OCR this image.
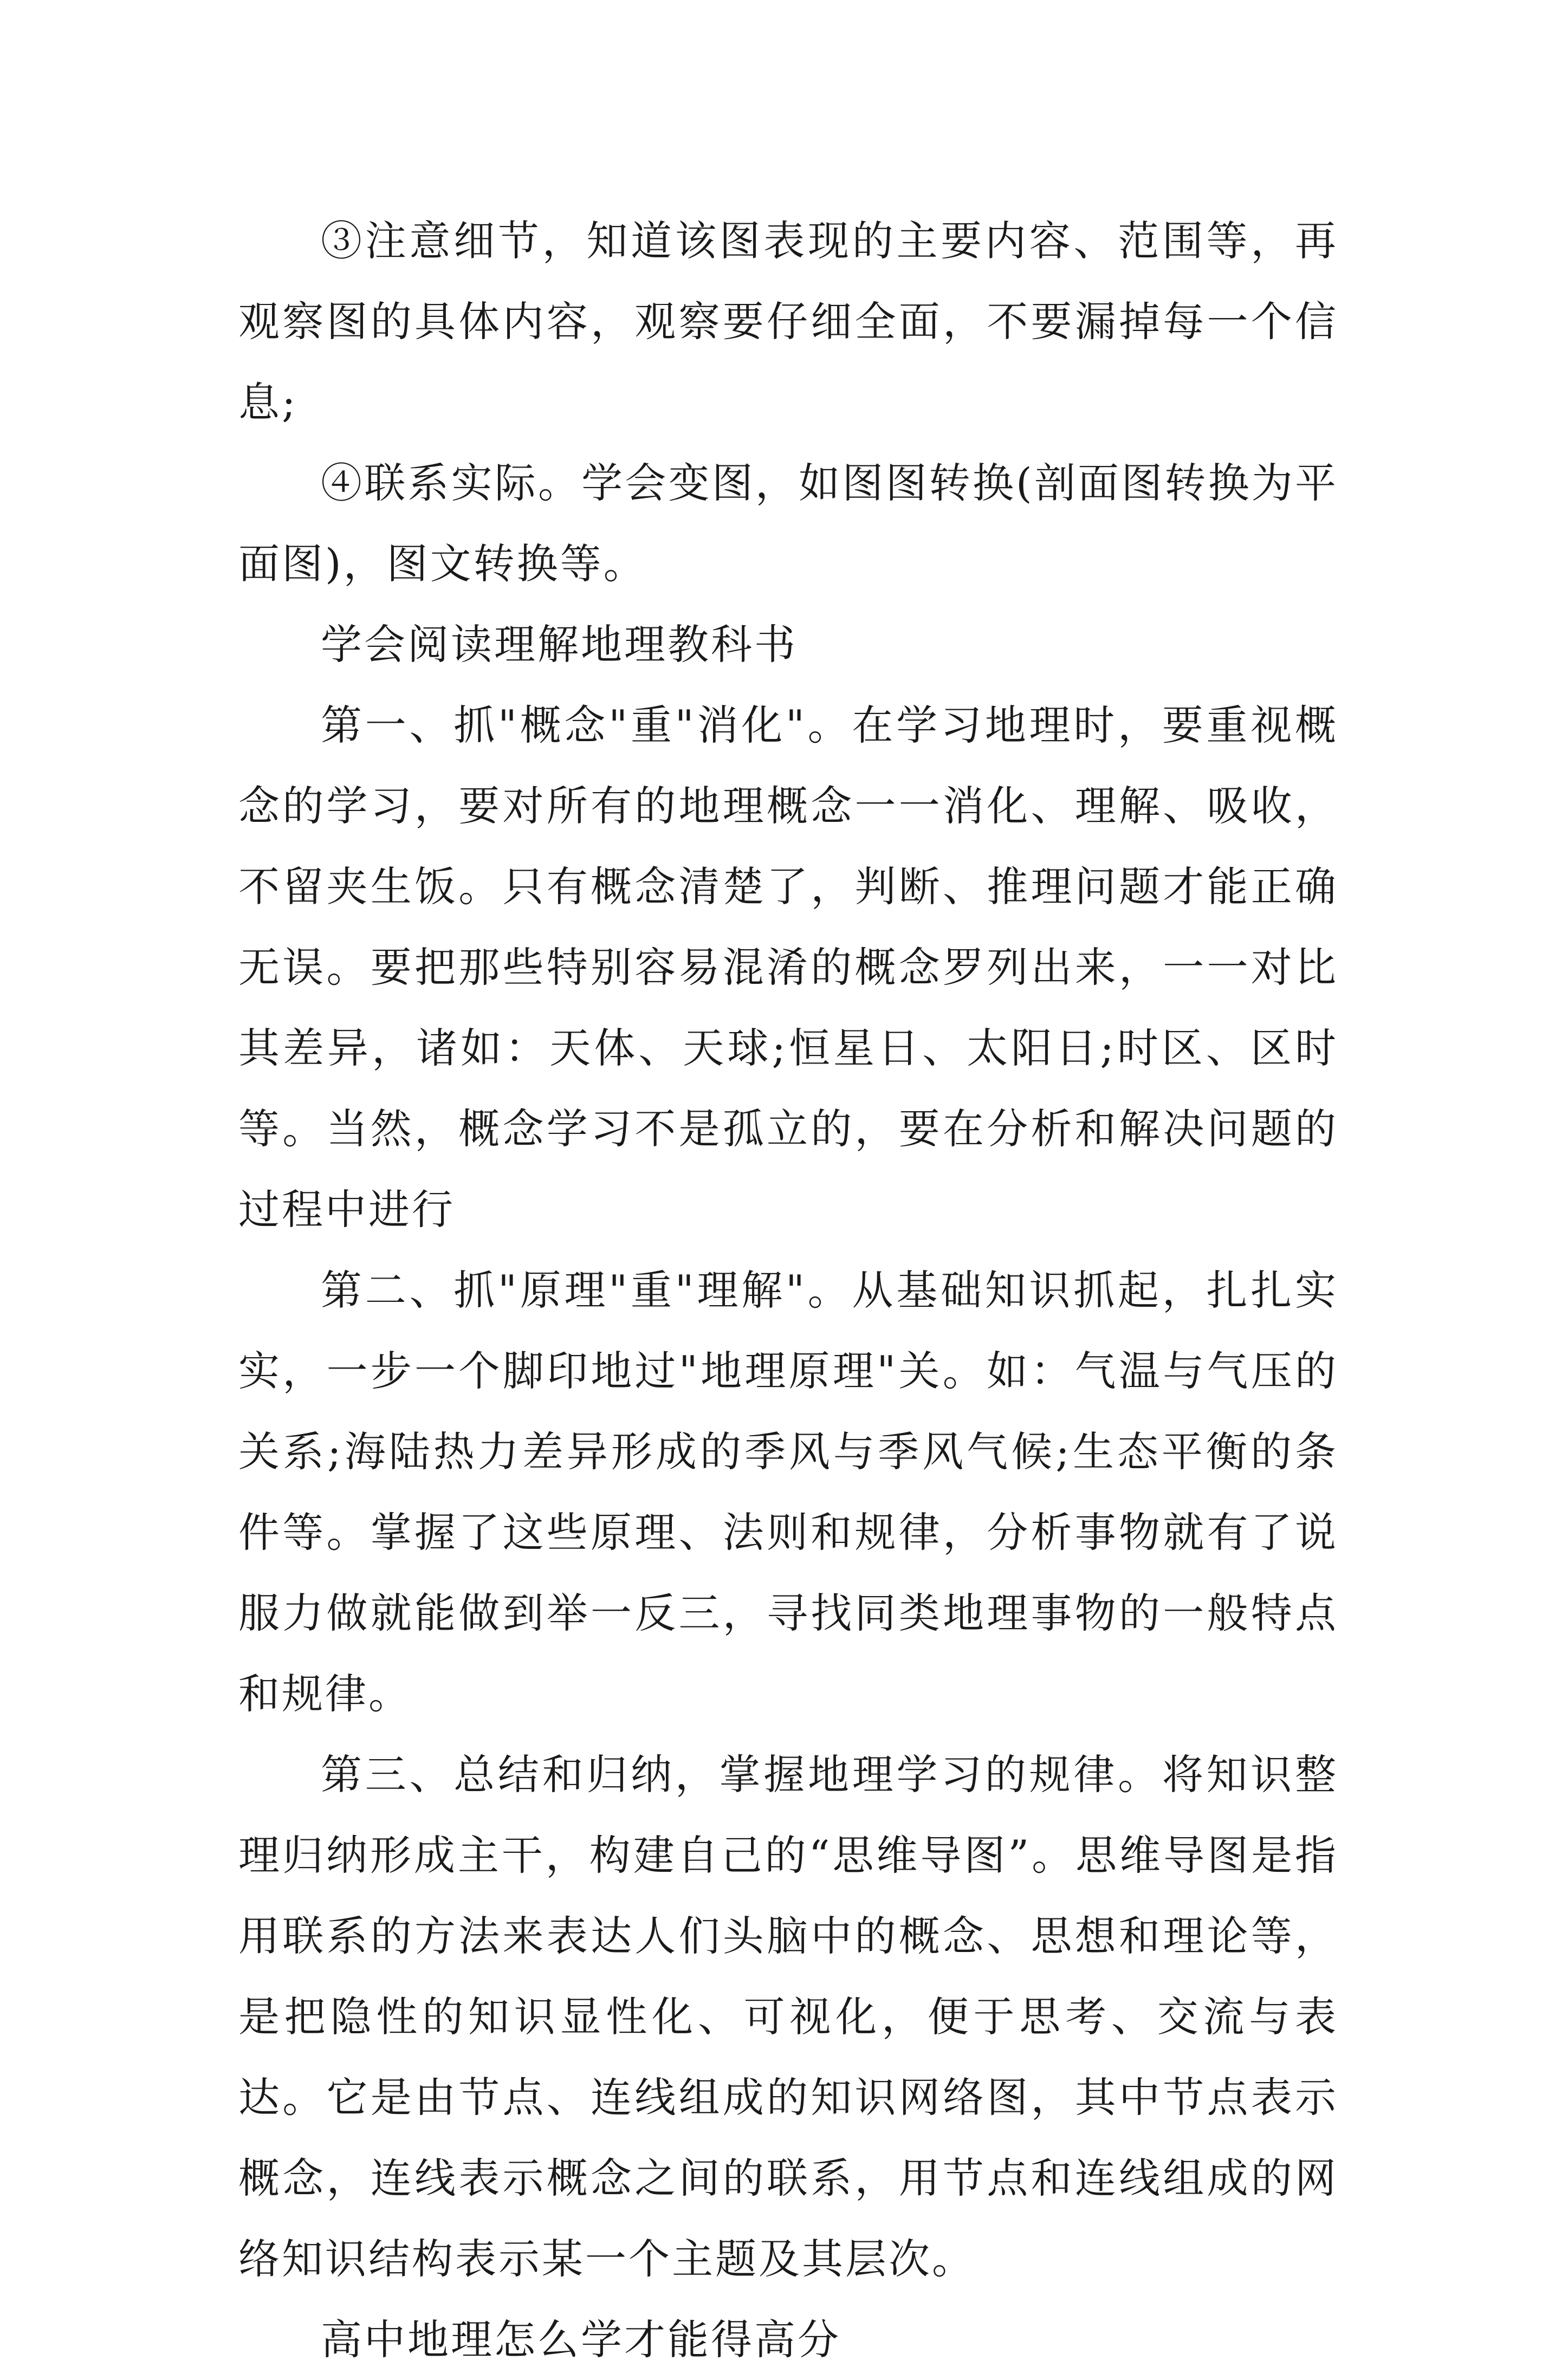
③注意细节，知道该图表现的主要内容、范围等，再观察图的具体内容，观察要仔细全面，不要漏掉每一个信息;

④联系实际。学会变图，如图图转换(剖面图转换为平面图)，图文转换等。

学会阅读理解地理教科书

第一、抓"概念"重"消化"。在学习地理时，要重视概念的学习，要对所有的地理概念一一消化、理解、吸收，不留夹生饭。只有概念清楚了，判断、推理问题才能正确无误。要把那些特别容易混淆的概念罗列出来，一一对比其差异，诸如：天体、天球;恒星日、太阳日;时区、区时等。当然，概念学习不是孤立的，要在分析和解决问题的过程中进行

第二、抓"原理"重"理解"。从基础知识抓起，扎扎实实，一步一个脚印地过"地理原理"关。如：气温与气压的关系;海陆热力差异形成的季风与季风气候;生态平衡的条件等。掌握了这些原理、法则和规律，分析事物就有了说服力做就能做到举一反三，寻找同类地理事物的一般特点和规律。

第三、总结和归纳，掌握地理学习的规律。将知识整理归纳形成主干，构建自己的“思维导图”。思维导图是指用联系的方法来表达人们头脑中的概念、思想和理论等，是把隐性的知识显性化、可视化，便于思考、交流与表达。它是由节点、连线组成的知识网络图，其中节点表示概念，连线表示概念之间的联系，用节点和连线组成的网络知识结构表示某一个主题及其层次。

高中地理怎么学才能得高分
